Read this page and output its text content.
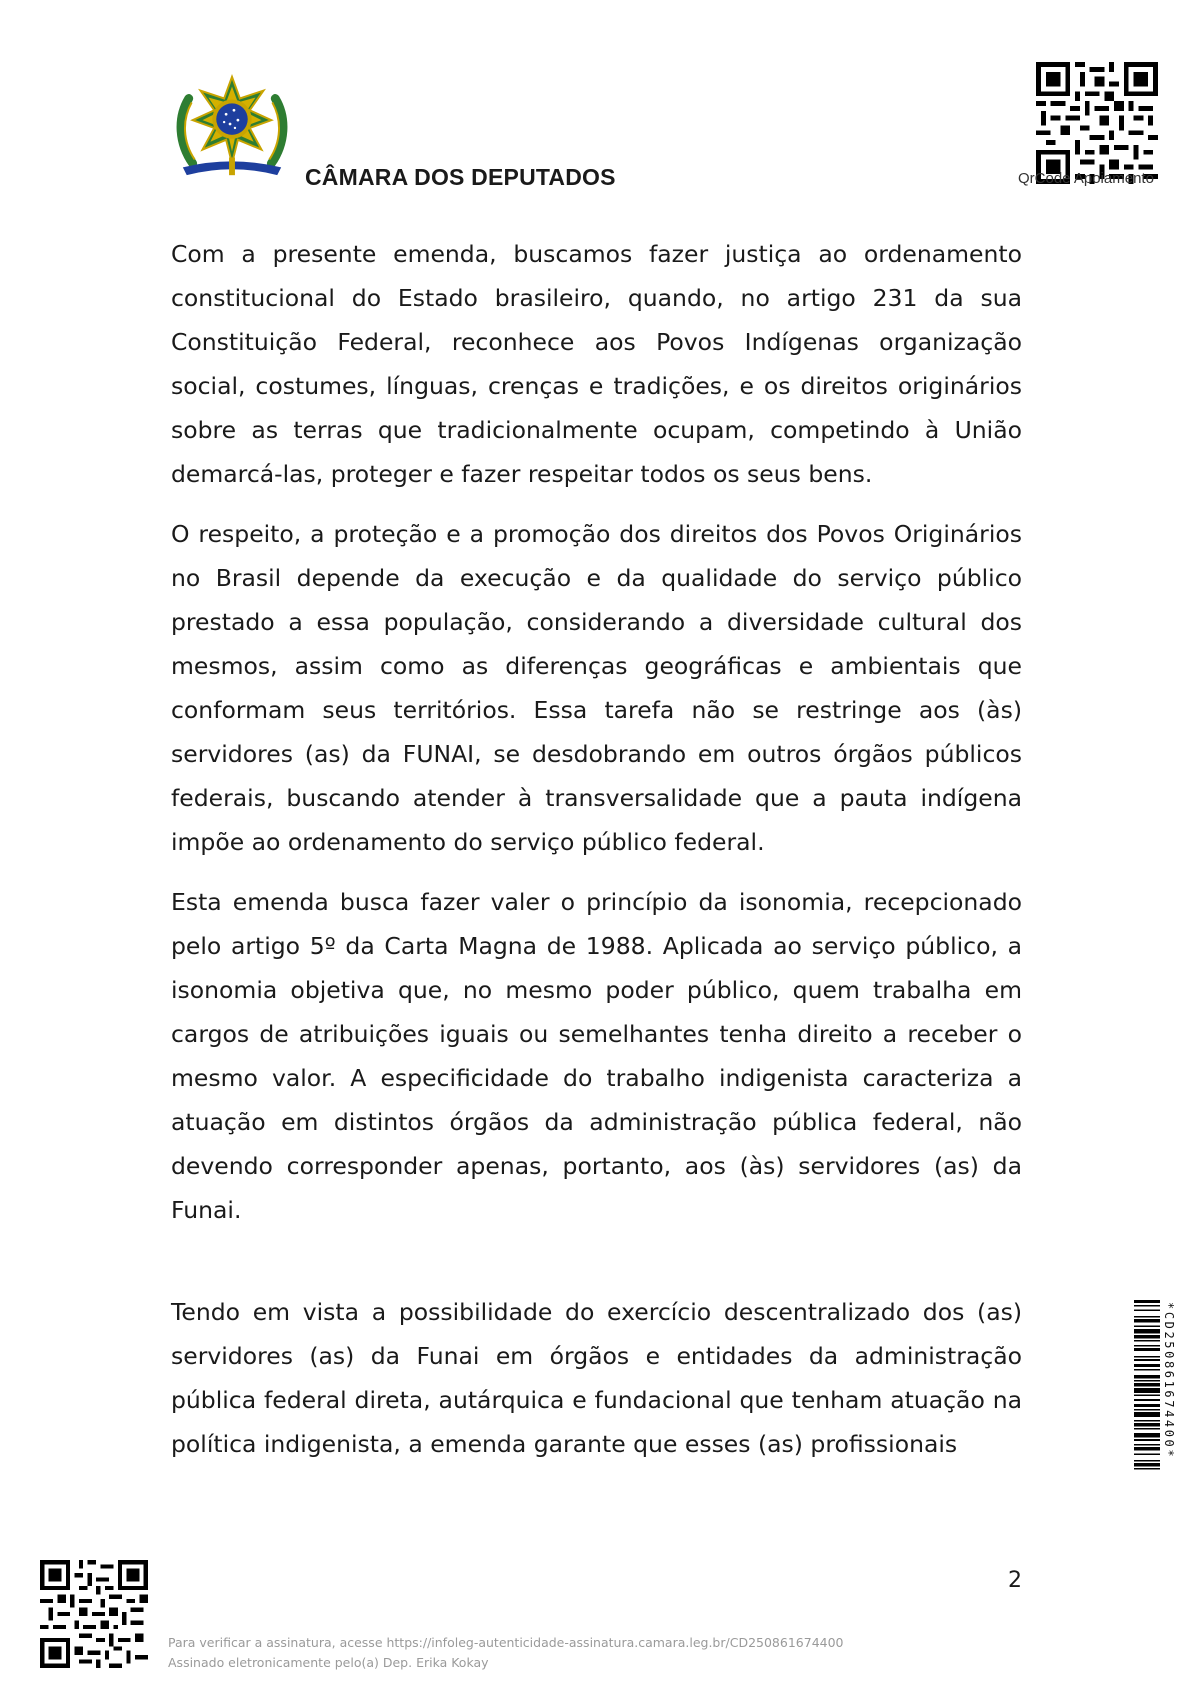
CÂMARA DOS DEPUTADOS	QrCode Apoiamento

Com a presente emenda, buscamos fazer justiça ao ordenamento constitucional do Estado brasileiro, quando, no artigo 231 da sua Constituição Federal, reconhece aos Povos Indígenas organização social, costumes, línguas, crenças e tradições, e os direitos originários sobre as terras que tradicionalmente ocupam, competindo à União demarcá-las, proteger e fazer respeitar todos os seus bens.

O respeito, a proteção e a promoção dos direitos dos Povos Originários no Brasil depende da execução e da qualidade do serviço público prestado a essa população, considerando a diversidade cultural dos mesmos, assim como as diferenças geográficas e ambientais que conformam seus territórios. Essa tarefa não se restringe aos (às) servidores (as) da FUNAI, se desdobrando em outros órgãos públicos federais, buscando atender à transversalidade que a pauta indígena impõe ao ordenamento do serviço público federal.

Esta emenda busca fazer valer o princípio da isonomia, recepcionado pelo artigo 5º da Carta Magna de 1988. Aplicada ao serviço público, a isonomia objetiva que, no mesmo poder público, quem trabalha em cargos de atribuições iguais ou semelhantes tenha direito a receber o mesmo valor. A especificidade do trabalho indigenista caracteriza a atuação em distintos órgãos da administração pública federal, não devendo corresponder apenas, portanto, aos (às) servidores (as) da Funai.

Tendo em vista a possibilidade do exercício descentralizado dos (as) servidores (as) da Funai em órgãos e entidades da administração pública federal direta, autárquica e fundacional que tenham atuação na política indigenista, a emenda garante que esses (as) profissionais	*CD250861674400*
2
Para verificar a assinatura, acesse https://infoleg-autenticidade-assinatura.camara.leg.br/CD250861674400
Assinado eletronicamente pelo(a) Dep. Erika Kokay
